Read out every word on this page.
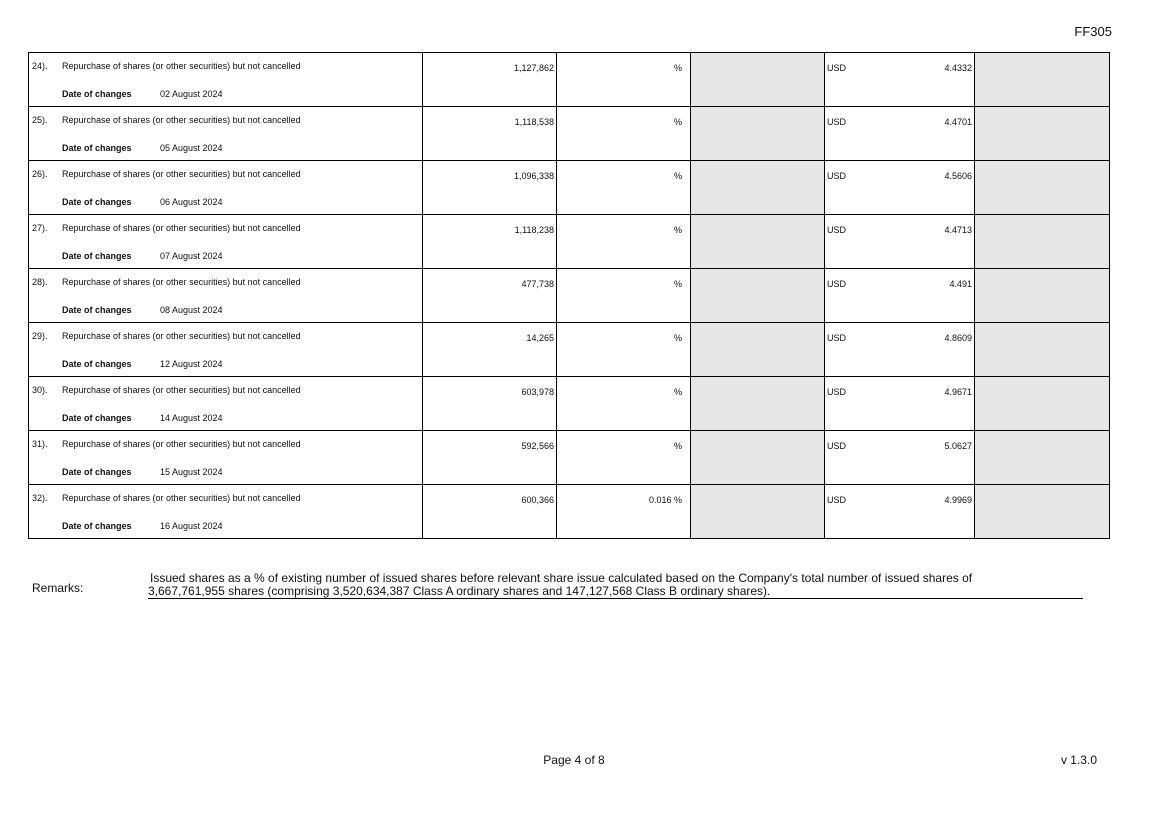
FF305
24). Repurchase of shares (or other securities) but not cancelled
Date of changes 02 August 2024	1,127,862	%		USD 4.4332	

25). Repurchase of shares (or other securities) but not cancelled
Date of changes 05 August 2024	1,118,538	%		USD 4.4701	

26). Repurchase of shares (or other securities) but not cancelled
Date of changes 06 August 2024	1,096,338	%		USD 4.5606	

27). Repurchase of shares (or other securities) but not cancelled
Date of changes 07 August 2024	1,118,238	%		USD 4.4713	

28). Repurchase of shares (or other securities) but not cancelled
Date of changes 08 August 2024	477,738	%		USD 4.491	

29). Repurchase of shares (or other securities) but not cancelled
Date of changes 12 August 2024	14,265	%		USD 4.8609	

30). Repurchase of shares (or other securities) but not cancelled
Date of changes 14 August 2024	603,978	%		USD 4.9671	

31). Repurchase of shares (or other securities) but not cancelled
Date of changes 15 August 2024	592,566	%		USD 5.0627	

32). Repurchase of shares (or other securities) but not cancelled
Date of changes 16 August 2024	600,366	0.016 %		USD 4.9969	

Remarks:
Issued shares as a % of existing number of issued shares before relevant share issue calculated based on the Company's total number of issued shares of
3,667,761,955 shares (comprising 3,520,634,387 Class A ordinary shares and 147,127,568 Class B ordinary shares).
Page 4 of 8	v 1.3.0
